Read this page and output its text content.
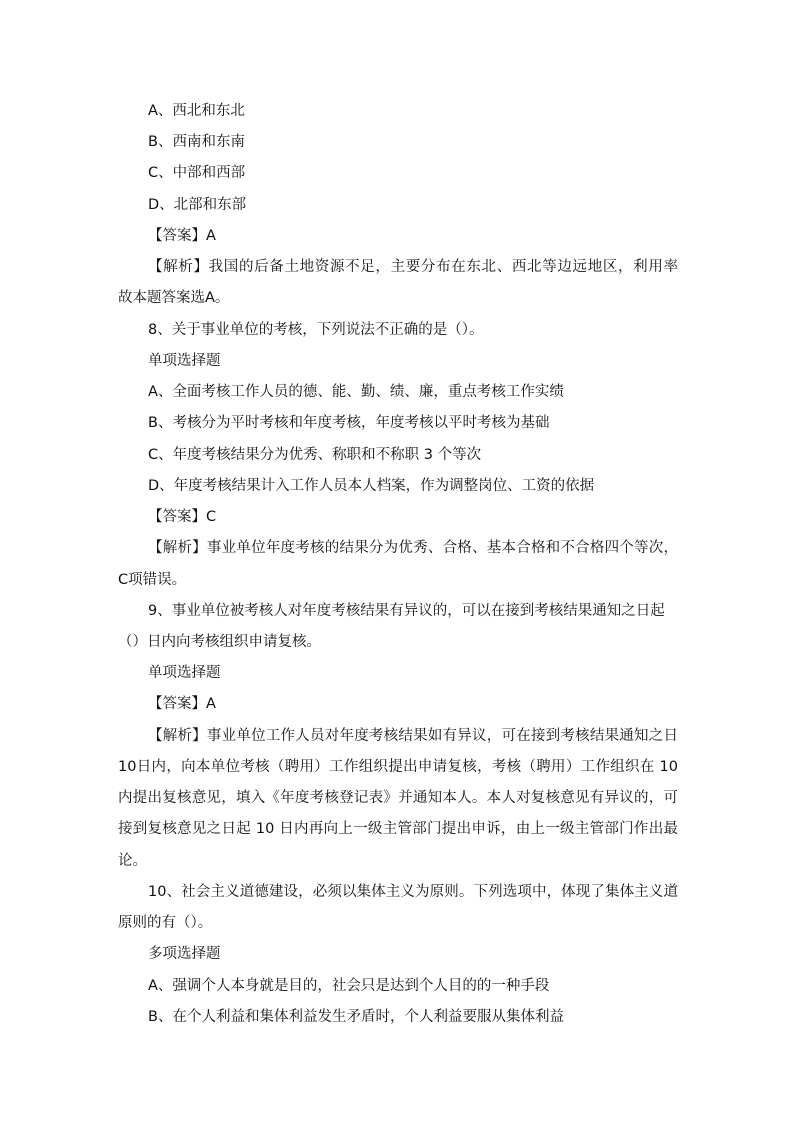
A、西北和东北
B、西南和东南
C、中部和西部
D、北部和东部
【答案】A
【解析】我国的后备土地资源不足，主要分布在东北、西北等边远地区，利用率
故本题答案选A。
8、关于事业单位的考核，下列说法不正确的是（）。
单项选择题
A、全面考核工作人员的德、能、勤、绩、廉，重点考核工作实绩
B、考核分为平时考核和年度考核，年度考核以平时考核为基础
C、年度考核结果分为优秀、称职和不称职 3 个等次
D、年度考核结果计入工作人员本人档案，作为调整岗位、工资的依据
【答案】C
【解析】事业单位年度考核的结果分为优秀、合格、基本合格和不合格四个等次，
C项错误。
9、事业单位被考核人对年度考核结果有异议的，可以在接到考核结果通知之日起
（）日内向考核组织申请复核。
单项选择题
【答案】A
【解析】事业单位工作人员对年度考核结果如有异议，可在接到考核结果通知之日
10日内，向本单位考核（聘用）工作组织提出申请复核，考核（聘用）工作组织在 10
内提出复核意见，填入《年度考核登记表》并通知本人。本人对复核意见有异议的，可
接到复核意见之日起 10 日内再向上一级主管部门提出申诉，由上一级主管部门作出最
论。
10、社会主义道德建设，必须以集体主义为原则。下列选项中，体现了集体主义道
原则的有（）。
多项选择题
A、强调个人本身就是目的，社会只是达到个人目的的一种手段
B、在个人利益和集体利益发生矛盾时，个人利益要服从集体利益
